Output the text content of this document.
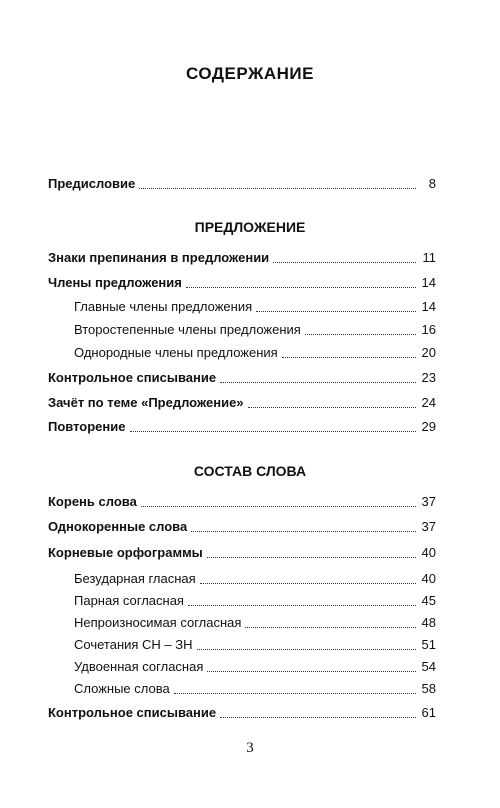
СОДЕРЖАНИЕ
Предисловие	8
ПРЕДЛОЖЕНИЕ
Знаки препинания в предложении	11
Члены предложения	14
Главные члены предложения	14
Второстепенные члены предложения	16
Однородные члены предложения	20
Контрольное списывание	23
Зачёт по теме «Предложение»	24
Повторение	29
СОСТАВ СЛОВА
Корень слова	37
Однокоренные слова	37
Корневые орфограммы	40
Безударная гласная	40
Парная согласная	45
Непроизносимая согласная	48
Сочетания СН – ЗН	51
Удвоенная согласная	54
Сложные слова	58
Контрольное списывание	61
3
